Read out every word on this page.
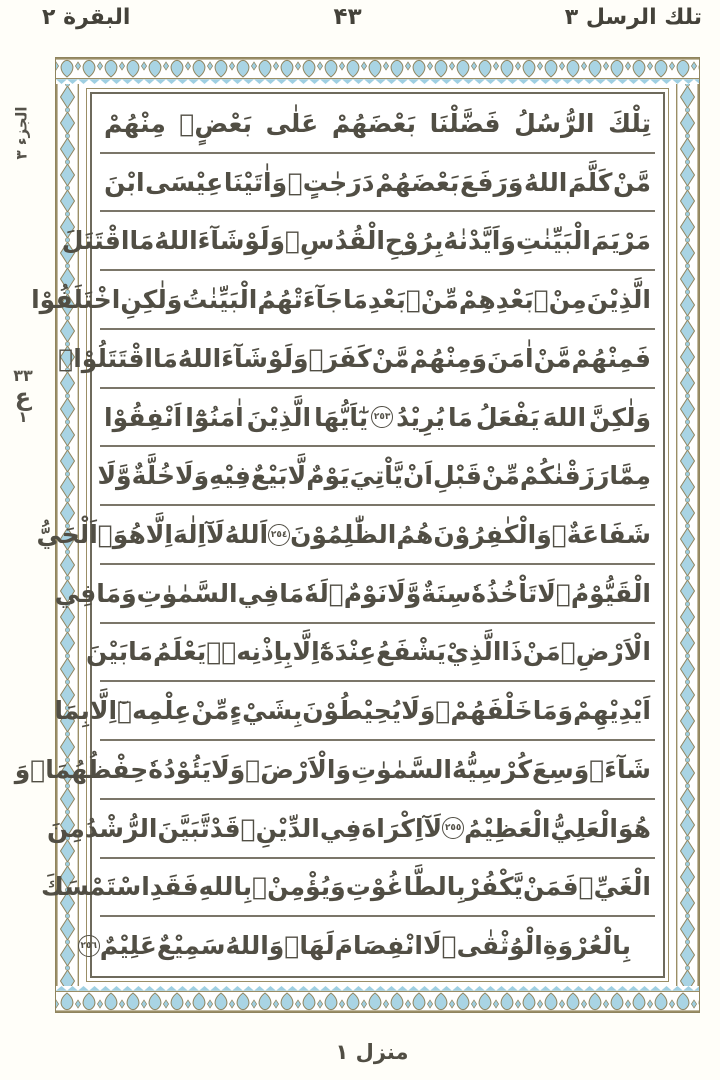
تلك الرسل ٣
۴۳
البقرة ٢
الجزء ٣
٣٣
ع
١
تِلْكَ
الرُّسُلُ
فَضَّلْنَا
بَعْضَهُمْ
عَلٰى
بَعْضٍۘ
مِنْهُمْ
مَّنْ
كَلَّمَ
اللهُ
وَرَفَعَ
بَعْضَهُمْ
دَرَجٰتٍۗ
وَاٰتَيْنَا
عِيْسَى
ابْنَ
مَرْيَمَ
الْبَيِّنٰتِ
وَاَيَّدْنٰهُ
بِرُوْحِ
الْقُدُسِۗ
وَلَوْ
شَآءَ
اللهُ
مَا
اقْتَتَلَ
الَّذِيْنَ
مِنْۢ
بَعْدِهِمْ
مِّنْۢ
بَعْدِ
مَا
جَآءَتْهُمُ
الْبَيِّنٰتُ
وَلٰكِنِ
اخْتَلَفُوْا
فَمِنْهُمْ
مَّنْ
اٰمَنَ
وَمِنْهُمْ
مَّنْ
كَفَرَۗ
وَلَوْ
شَآءَ
اللهُ
مَا
اقْتَتَلُوْاۘ
وَلٰكِنَّ
اللهَ
يَفْعَلُ
مَا
يُرِيْدُ
٢٥٣
يٰٓاَيُّهَا
الَّذِيْنَ
اٰمَنُوْٓا
اَنْفِقُوْا
مِمَّا
رَزَقْنٰكُمْ
مِّنْ
قَبْلِ
اَنْ
يَّاْتِيَ
يَوْمٌ
لَّا
بَيْعٌ
فِيْهِ
وَلَا
خُلَّةٌ
وَّلَا
شَفَاعَةٌۗ
وَالْكٰفِرُوْنَ
هُمُ
الظّٰلِمُوْنَ
٢٥٤
اَللهُ
لَآ
اِلٰهَ
اِلَّا
هُوَۚ
اَلْحَيُّ
الْقَيُّوْمُۚ
لَا
تَاْخُذُهٗ
سِنَةٌ
وَّلَا
نَوْمٌۗ
لَهٗ
مَا
فِي
السَّمٰوٰتِ
وَمَا
فِي
الْاَرْضِۗ
مَنْ
ذَا
الَّذِيْ
يَشْفَعُ
عِنْدَهٗٓ
اِلَّا
بِاِذْنِهٖۗ
يَعْلَمُ
مَا
بَيْنَ
اَيْدِيْهِمْ
وَمَا
خَلْفَهُمْۚ
وَلَا
يُحِيْطُوْنَ
بِشَيْءٍ
مِّنْ
عِلْمِهٖٓ
اِلَّا
بِمَا
شَآءَۚ
وَسِعَ
كُرْسِيُّهُ
السَّمٰوٰتِ
وَالْاَرْضَۚ
وَلَا
يَئُوْدُهٗ
حِفْظُهُمَاۚ
وَ
هُوَ
الْعَلِيُّ
الْعَظِيْمُ
٢٥٥
لَآ
اِكْرَاهَ
فِي
الدِّيْنِۙ
قَدْ
تَّبَيَّنَ
الرُّشْدُ
مِنَ
الْغَيِّۚ
فَمَنْ
يَّكْفُرْ
بِالطَّاغُوْتِ
وَيُؤْمِنْۢ
بِاللهِ
فَقَدِ
اسْتَمْسَكَ
بِالْعُرْوَةِ
الْوُثْقٰىۗ
لَا
انْفِصَامَ
لَهَاۗ
وَاللهُ
سَمِيْعٌ
عَلِيْمٌ
٢٥٦
منزل ١
